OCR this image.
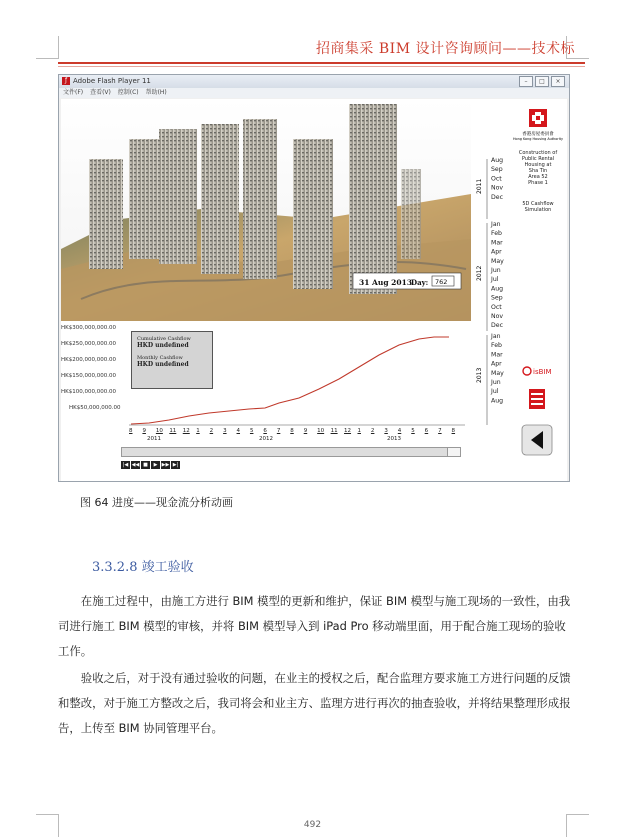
招商集采 BIM 设计咨询顾问——技术标
ƒ Adobe Flash Player 11	–	□	×
文件(F) 查看(V) 控制(C) 帮助(H)
31 Aug 2013
Day: 762
2011
2012
2013
Aug
Sep
Oct
Nov
Dec
Jan
Feb
Mar
Apr
May
Jun
Jul
Aug
Sep
Oct
Nov
Dec
Jan
Feb
Mar
Apr
May
Jun
Jul
Aug
香港房屋委員會
Hong Kong Housing Authority
Construction of
Public Rental
Housing at
Sha Tin
Area 52
Phase 1
5D Cashflow
Simulation
isBIM
HK$300,000,000.00
HK$250,000,000.00
HK$200,000,000.00
HK$150,000,000.00
HK$100,000,000.00
HK$50,000,000.00
Cumulative Cashflow
HKD undefined
Monthly Cashflow
HKD undefined
8 9 10 11 12 1 2 3 4 5 6 7 8 9 10 11 12 1 2 3 4 5 6 7 8
2011	2012	2013
|◀ ◀◀ ■	▶ ▶▶ ▶|
图 64 进度——现金流分析动画
3.3.2.8 竣工验收
在施工过程中，由施工方进行 BIM 模型的更新和维护，保证 BIM 模型与施工现场的一致性，由我司进行施工 BIM 模型的审核，并将 BIM 模型导入到 iPad Pro 移动端里面，用于配合施工现场的验收工作。
验收之后，对于没有通过验收的问题，在业主的授权之后，配合监理方要求施工方进行问题的反馈和整改，对于施工方整改之后，我司将会和业主方、监理方进行再次的抽查验收，并将结果整理形成报告，上传至 BIM 协同管理平台。
492
